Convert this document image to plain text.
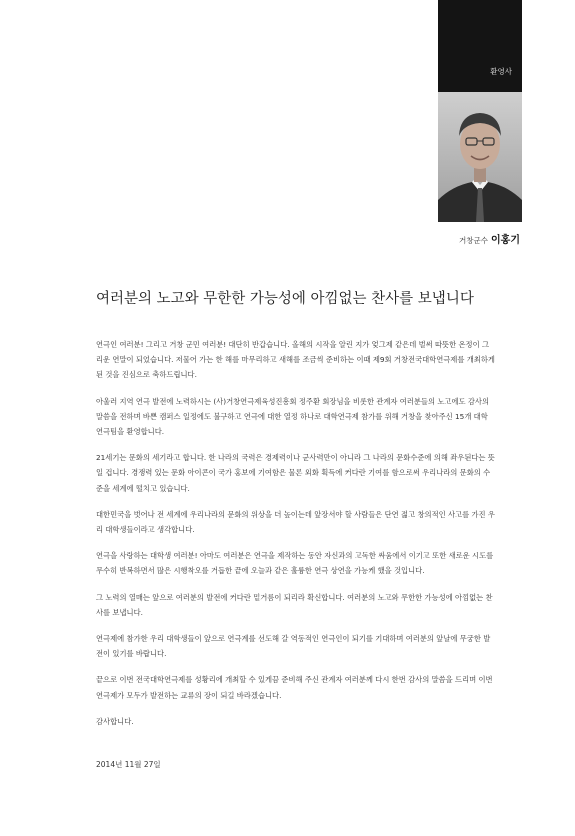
환영사
거창군수 이홍기
여러분의 노고와 무한한 가능성에 아낌없는 찬사를 보냅니다

연극인 여러분! 그리고 거창 군민 여러분! 대단히 반갑습니다. 올해의 시작을 알린 지가 엊그제 같은데 벌써 따뜻한 온정이 그리운 연말이 되었습니다. 저물어 가는 한 해를 마무리하고 새해를 조금씩 준비하는 이때 제9회 거창전국대학연극제를 개최하게 된 것을 진심으로 축하드립니다.

아울러 지역 연극 발전에 노력하시는 (사)거창연극제육성진흥회 정주환 회장님을 비롯한 관계자 여러분들의 노고에도 감사의 말씀을 전하며 바쁜 캠퍼스 일정에도 불구하고 연극에 대한 열정 하나로 대학연극제 참가를 위해 거창을 찾아주신 15개 대학 연극팀을 환영합니다.

21세기는 문화의 세기라고 합니다. 한 나라의 국력은 경제력이나 군사력만이 아니라 그 나라의 문화수준에 의해 좌우된다는 뜻일 겁니다. 경쟁력 있는 문화 아이콘이 국가 홍보에 기여함은 물론 외화 획득에 커다란 기여를 함으로써 우리나라의 문화의 수준을 세계에 떨치고 있습니다.

대한민국을 벗어나 전 세계에 우리나라의 문화의 위상을 더 높이는데 앞장서야 할 사람들은 단연 젊고 창의적인 사고를 가진 우리 대학생들이라고 생각합니다.

연극을 사랑하는 대학생 여러분! 아마도 여러분은 연극을 제작하는 동안 자신과의 고독한 싸움에서 이기고 또한 새로운 시도를 무수히 반복하면서 많은 시행착오를 거듭한 끝에 오늘과 같은 훌륭한 연극 상연을 가능케 했을 것입니다.

그 노력의 열매는 앞으로 여러분의 발전에 커다란 밑거름이 되리라 확신합니다. 여러분의 노고와 무한한 가능성에 아낌없는 찬사를 보냅니다.

연극제에 참가한 우리 대학생들이 앞으로 연극계를 선도해 갈 역동적인 연극인이 되기를 기대하며 여러분의 앞날에 무궁한 발전이 있기를 바랍니다.

끝으로 이번 전국대학연극제를 성황리에 개최할 수 있게끔 준비해 주신 관계자 여러분께 다시 한번 감사의 말씀을 드리며 이번 연극제가 모두가 발전하는 교류의 장이 되길 바라겠습니다.

감사합니다.

2014년 11월 27일
